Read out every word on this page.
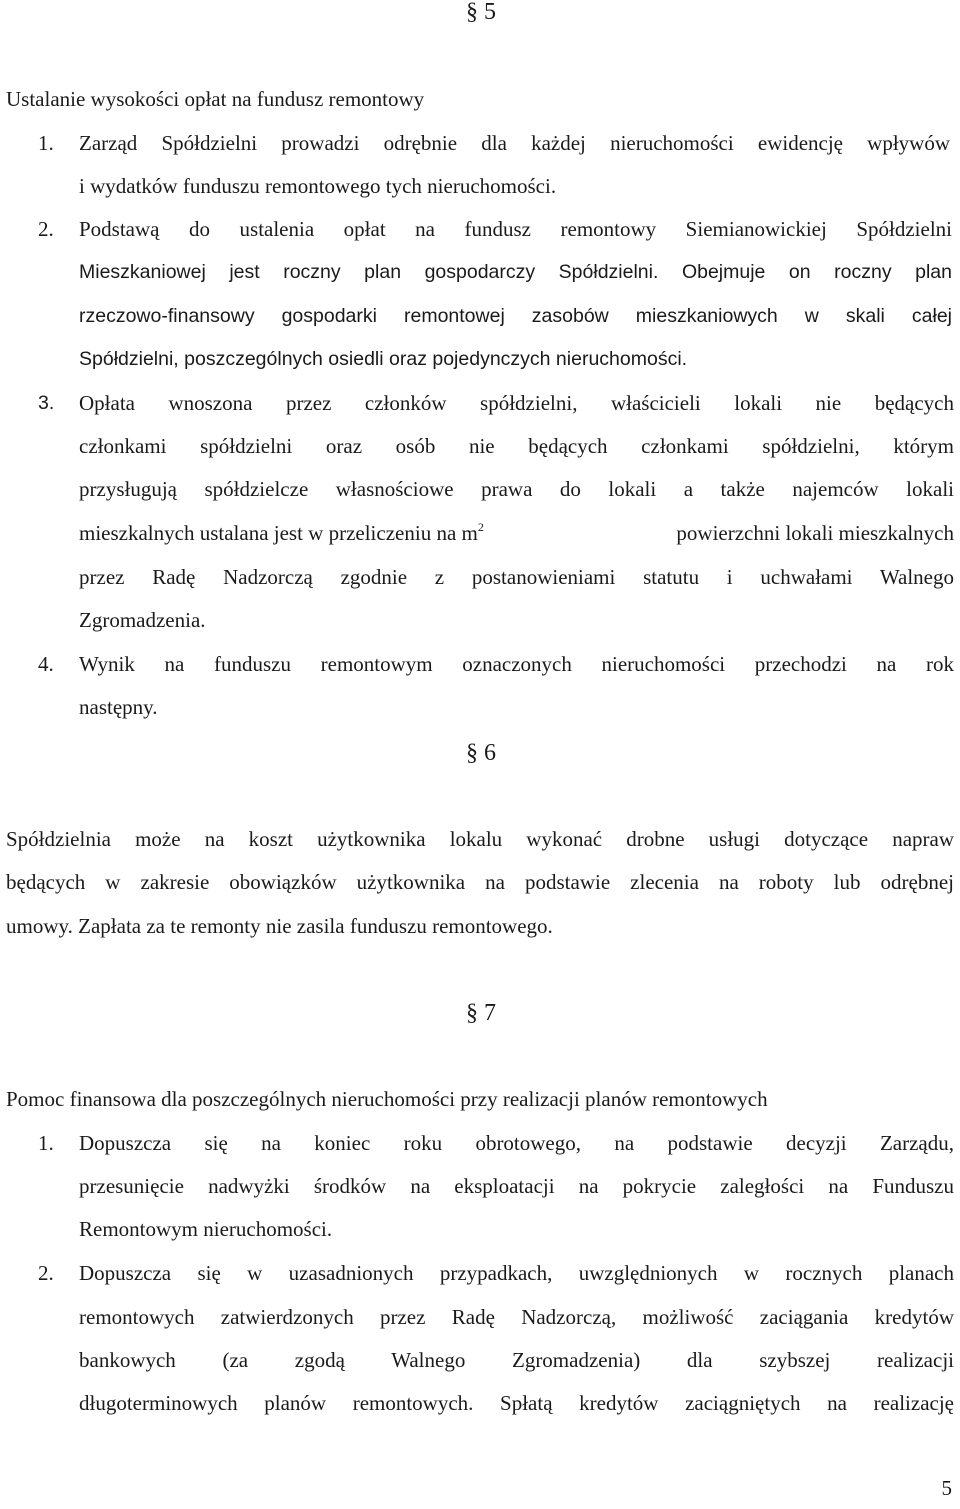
§ 5
Ustalanie wysokości opłat na fundusz remontowy
1. Zarząd Spółdzielni prowadzi odrębnie dla każdej nieruchomości ewidencję wpływów
i wydatków funduszu remontowego tych nieruchomości.
2. Podstawą do ustalenia opłat na fundusz remontowy Siemianowickiej Spółdzielni
Mieszkaniowej jest roczny plan gospodarczy Spółdzielni. Obejmuje on roczny plan
rzeczowo-finansowy gospodarki remontowej zasobów mieszkaniowych w skali całej
Spółdzielni, poszczególnych osiedli oraz pojedynczych nieruchomości.
3. Opłata wnoszona przez członków spółdzielni, właścicieli lokali nie będących
członkami spółdzielni oraz osób nie będących członkami spółdzielni, którym
przysługują spółdzielcze własnościowe prawa do lokali a także najemców lokali
mieszkalnych ustalana jest w przeliczeniu na $m^2$	powierzchni lokali mieszkalnych
przez Radę Nadzorczą zgodnie z postanowieniami statutu i uchwałami Walnego
Zgromadzenia.
4. Wynik na funduszu remontowym oznaczonych nieruchomości przechodzi na rok
następny.
§ 6
Spółdzielnia może na koszt użytkownika lokalu wykonać drobne usługi dotyczące napraw
będących w zakresie obowiązków użytkownika na podstawie zlecenia na roboty lub odrębnej
umowy. Zapłata za te remonty nie zasila funduszu remontowego.
§ 7
Pomoc finansowa dla poszczególnych nieruchomości przy realizacji planów remontowych
1. Dopuszcza się na koniec roku obrotowego, na podstawie decyzji Zarządu,
przesunięcie nadwyżki środków na eksploatacji na pokrycie zaległości na Funduszu
Remontowym nieruchomości.
2. Dopuszcza się w uzasadnionych przypadkach, uwzględnionych w rocznych planach
remontowych zatwierdzonych przez Radę Nadzorczą, możliwość zaciągania kredytów
bankowych (za zgodą Walnego Zgromadzenia) dla szybszej realizacji
długoterminowych planów remontowych. Spłatą kredytów zaciągniętych na realizację
5
